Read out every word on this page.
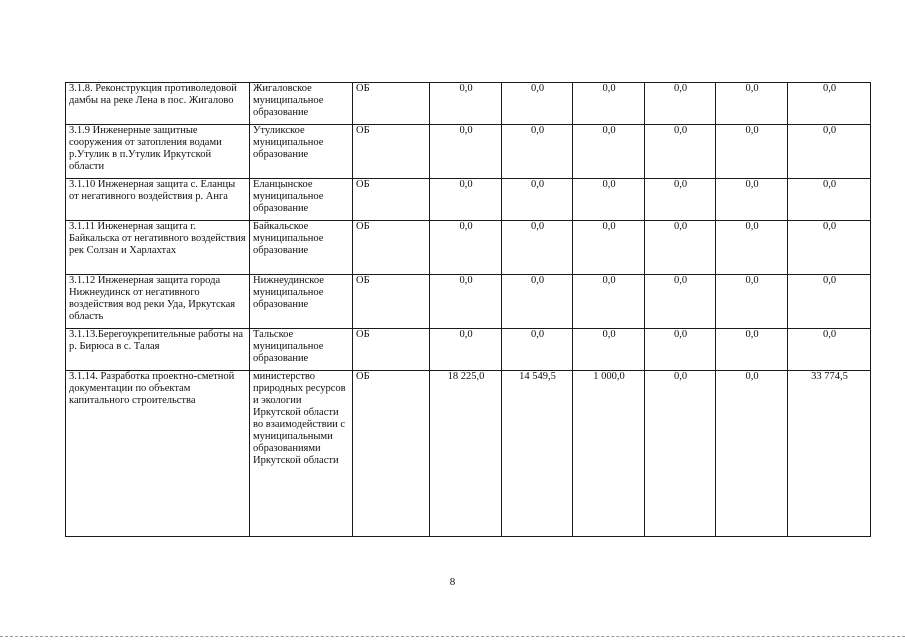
3.1.8. Реконструкция противоледовой дамбы на реке Лена в пос. Жигалово	Жигаловское муниципальное образование	ОБ	0,0	0,0	0,0	0,0	0,0	0,0
3.1.9 Инженерные защитные сооружения от затопления водами р.Утулик в п.Утулик Иркутской области	Утуликское муниципальное образование	ОБ	0,0	0,0	0,0	0,0	0,0	0,0
3.1.10 Инженерная защита с. Еланцы от негативного воздействия р. Анга	Еланцынское муниципальное образование	ОБ	0,0	0,0	0,0	0,0	0,0	0,0
3.1.11 Инженерная защита г. Байкальска от негативного воздействия рек Солзан и Харлахтах	Байкальское муниципальное образование	ОБ	0,0	0,0	0,0	0,0	0,0	0,0
3.1.12 Инженерная защита города Нижнеудинск от негативного воздействия вод реки Уда, Иркутская область	Нижнеудинское муниципальное образование	ОБ	0,0	0,0	0,0	0,0	0,0	0,0
3.1.13.Берегоукрепительные работы на р. Бирюса в с. Талая	Тальское муниципальное образование	ОБ	0,0	0,0	0,0	0,0	0,0	0,0
3.1.14. Разработка проектно-сметной документации по объектам капитального строительства	министерство природных ресурсов и экологии Иркутской области во взаимодействии с муниципальными образованиями Иркутской области	ОБ	18 225,0	14 549,5	1 000,0	0,0	0,0	33 774,5
8
